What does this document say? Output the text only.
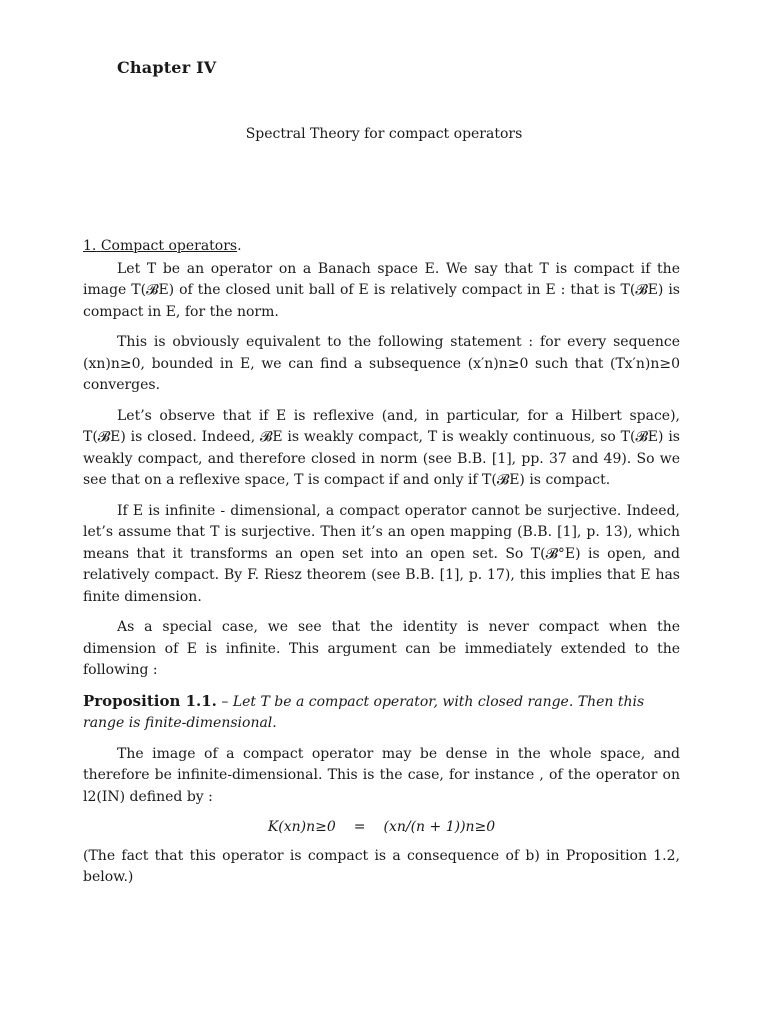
Chapter IV
Spectral Theory for compact operators
1. Compact operators.

Let T be an operator on a Banach space E. We say that T is compact if the image T(𝓑E) of the closed unit ball of E is relatively compact in E : that is T(𝓑E) is compact in E, for the norm.

This is obviously equivalent to the following statement : for every sequence (xn)n≥0, bounded in E, we can find a subsequence (x′n)n≥0 such that (Tx′n)n≥0 converges.

Let’s observe that if E is reflexive (and, in particular, for a Hilbert space), T(𝓑E) is closed. Indeed, 𝓑E is weakly compact, T is weakly continuous, so T(𝓑E) is weakly compact, and therefore closed in norm (see B.B. [1], pp. 37 and 49). So we see that on a reflexive space, T is compact if and only if T(𝓑E) is compact.

If E is infinite - dimensional, a compact operator cannot be surjective. Indeed, let’s assume that T is surjective. Then it’s an open mapping (B.B. [1], p. 13), which means that it transforms an open set into an open set. So T(𝓑°E) is open, and relatively compact. By F. Riesz theorem (see B.B. [1], p. 17), this implies that E has finite dimension.

As a special case, we see that the identity is never compact when the dimension of E is infinite. This argument can be immediately extended to the following :

Proposition 1.1. – Let T be a compact operator, with closed range. Then this range is finite-dimensional.

The image of a compact operator may be dense in the whole space, and therefore be infinite-dimensional. This is the case, for instance , of the operator on l2(IN) defined by :

K(xn)n≥0 = (xn/(n + 1))n≥0

(The fact that this operator is compact is a consequence of b) in Proposition 1.2, below.)
